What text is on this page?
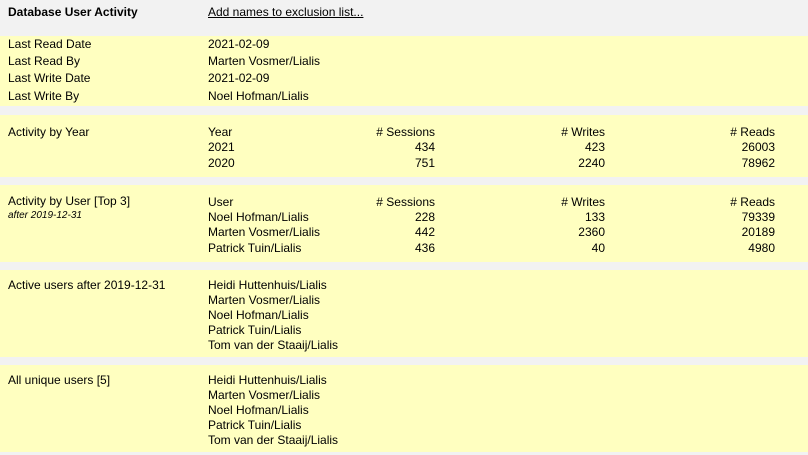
Database User Activity	Add names to exclusion list...
Last Read Date	2021-02-09
Last Read By	Marten Vosmer/Lialis
Last Write Date	2021-02-09
Last Write By	Noel Hofman/Lialis
Activity by Year	Year	# Sessions	# Writes	# Reads
2021	434	423	26003
2020	751	2240	78962
Activity by User [Top 3]
after 2019-12-31
User	# Sessions	# Writes	# Reads
Noel Hofman/Lialis	228	133	79339
Marten Vosmer/Lialis	442	2360	20189
Patrick Tuin/Lialis	436	40	4980
Active users after 2019-12-31	Heidi Huttenhuis/Lialis
Marten Vosmer/Lialis
Noel Hofman/Lialis
Patrick Tuin/Lialis
Tom van der Staaij/Lialis
All unique users [5]	Heidi Huttenhuis/Lialis
Marten Vosmer/Lialis
Noel Hofman/Lialis
Patrick Tuin/Lialis
Tom van der Staaij/Lialis
